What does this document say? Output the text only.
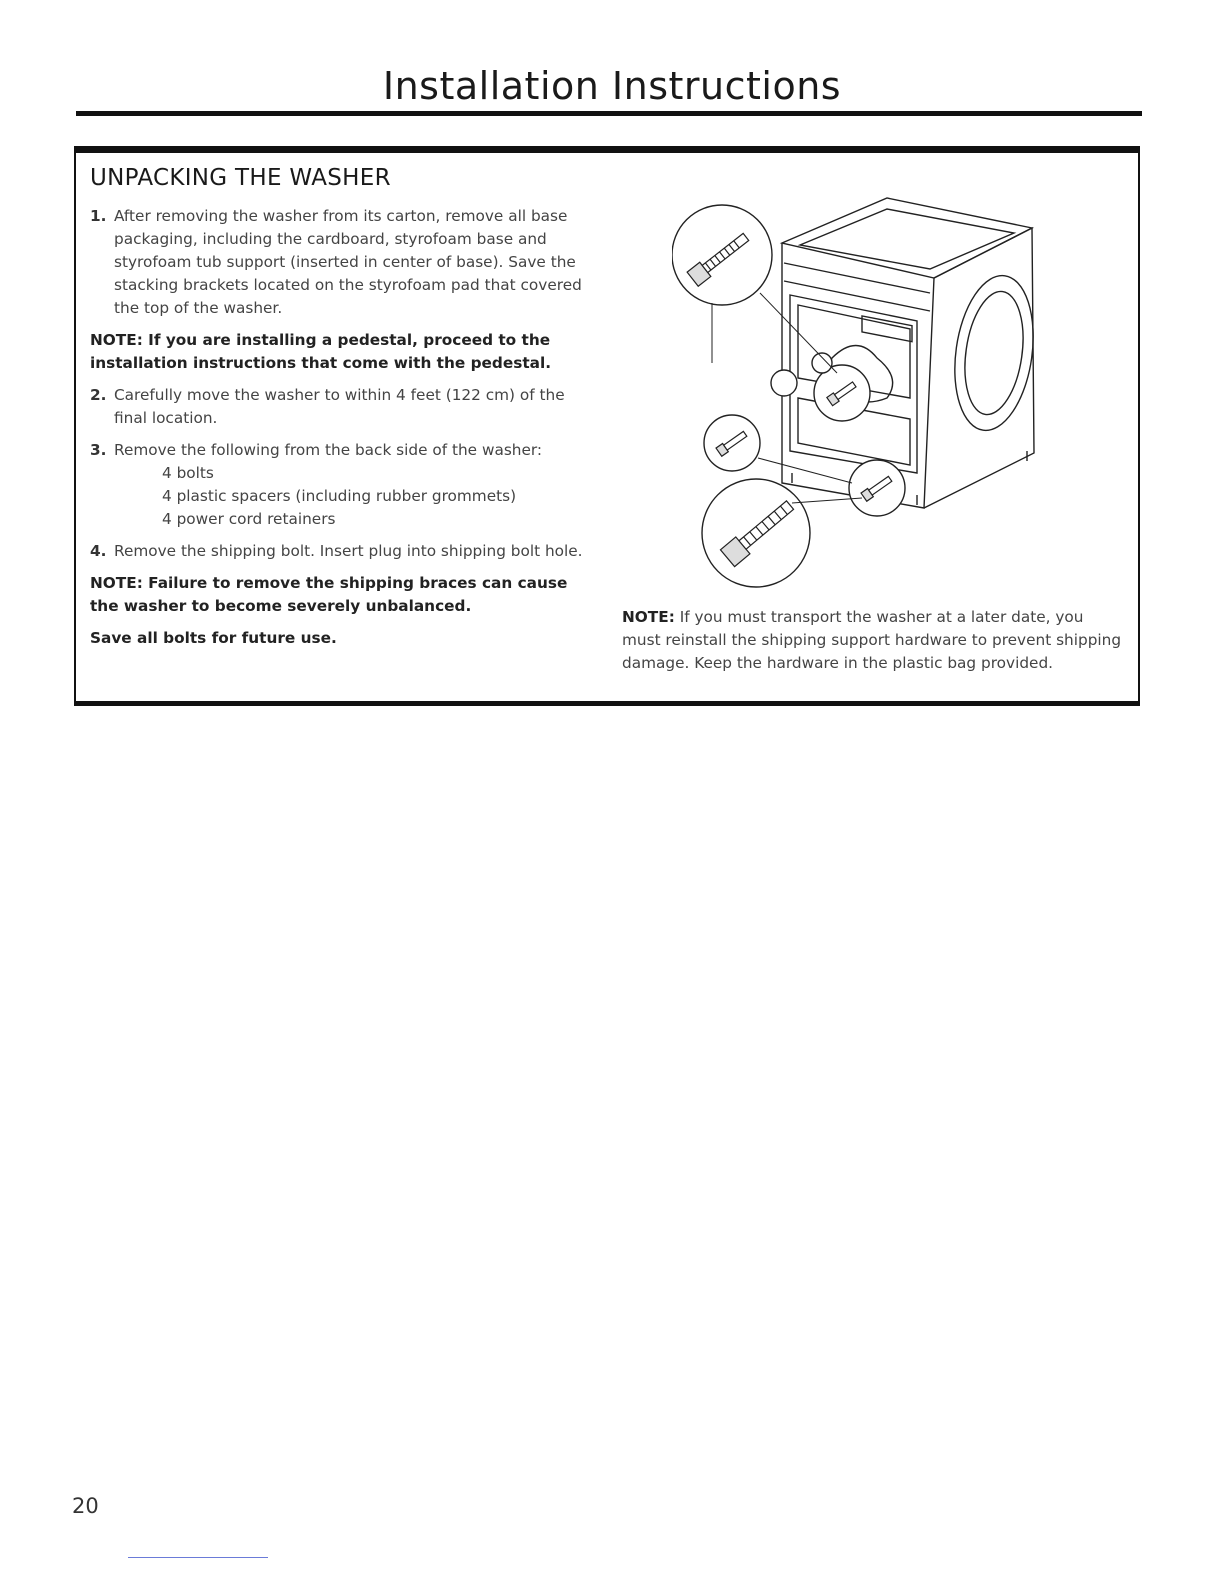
Installation Instructions
UNPACKING THE WASHER
1. After removing the washer from its carton, remove all base packaging, including the cardboard, styrofoam base and styrofoam tub support (inserted in center of base). Save the stacking brackets located on the styrofoam pad that covered the top of the washer.
NOTE: If you are installing a pedestal, proceed to the installation instructions that come with the pedestal.
2. Carefully move the washer to within 4 feet (122 cm) of the final location.
3. Remove the following from the back side of the washer:
4 bolts
4 plastic spacers (including rubber grommets)
4 power cord retainers
4. Remove the shipping bolt. Insert plug into shipping bolt hole.
NOTE: Failure to remove the shipping braces can cause the washer to become severely unbalanced.
Save all bolts for future use.
NOTE: If you must transport the washer at a later date, you must reinstall the shipping support hardware to prevent shipping damage. Keep the hardware in the plastic bag provided.
20
